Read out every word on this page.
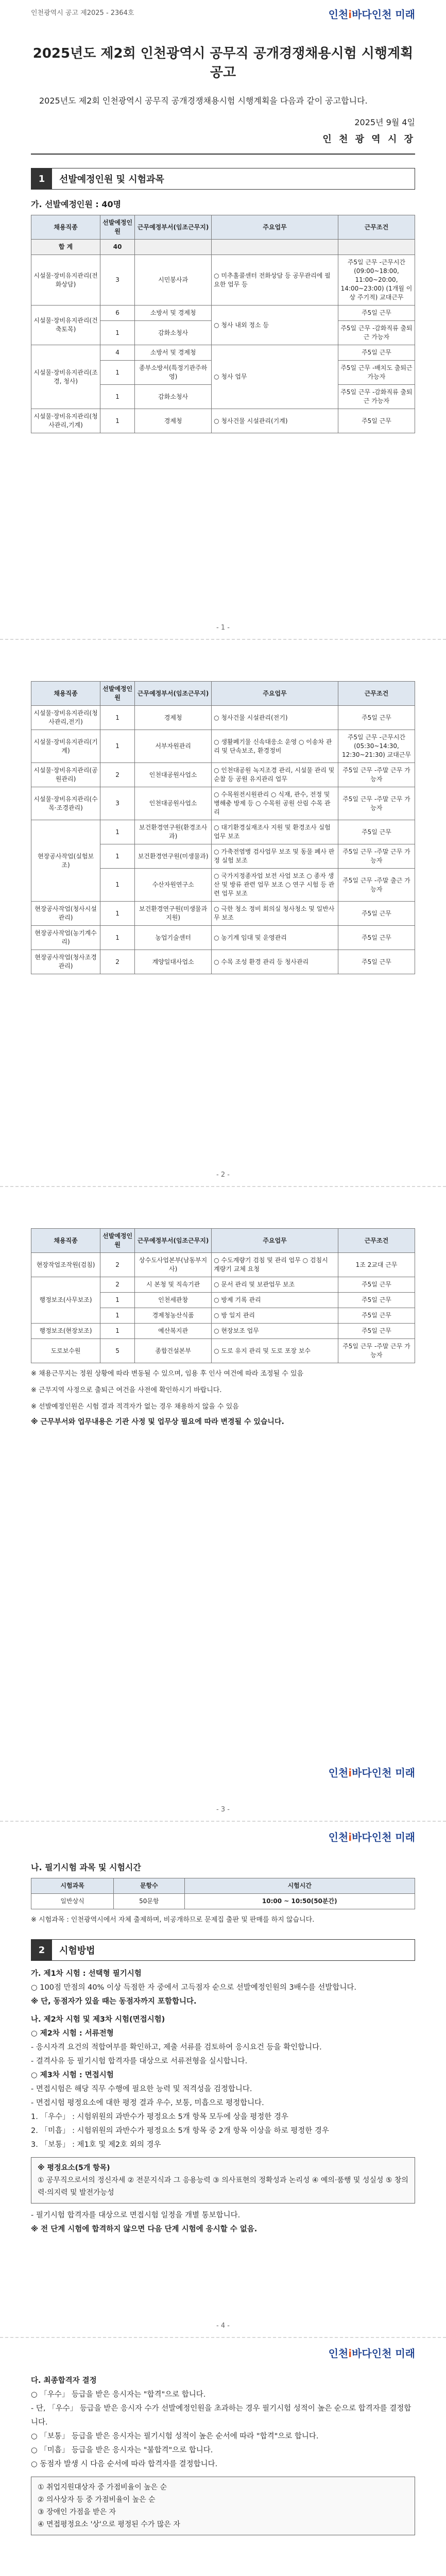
인천광역시 공고 제2025 - 2364호	인천i바다인천 미래
2025년도 제2회 인천광역시 공무직 공개경쟁채용시험 시행계획 공고
2025년도 제2회 인천광역시 공무직 공개경쟁채용시험 시행계획을 다음과 같이 공고합니다.
2025년 9월 4일
인 천 광 역 시 장
1	선발예정인원 및 시험과목
가. 선발예정인원 : 40명
채용직종	선발예정인원	근무예정부서(임조근무지)	주요업무	근무조건
합 계	40			
시설물·장비유지관리(전화상담)	3	시민봉사과	○ 미추홀콜센터 전화상담 등 공무관리에 필요한 업무 등	주5일 근무 -근무시간(09:00~18:00, 11:00~20:00, 14:00~23:00) (1개월 이상 주기적) 교대근무
시설물·장비유지관리(건축토목)	6	소방서 및 경제청	○ 청사 내외 정소 등	주5일 근무
	1	감화소청사		주5일 근무 -감화직류 출퇴근 가능자
시설물·장비유지관리(조경, 청사)	4	소방서 및 경제청	○ 청사 업무	주5일 근무
	1	종부소방서(특정기관주하영)		주5일 근무 -배치도 출퇴근 가능자
	1	감화소청사		주5일 근무 -감화직류 출퇴근 가능자
시설물·장비유지관리(청사관리,기계)	1	경제청	○ 청사건물 시설관리(기계)	주5일 근무
- 1 -
채용직종	선발예정인원	근무예정부서(임조근무지)	주요업무	근무조건
시설물·장비유지관리(청사관리,전기)	1	경제청	○ 청사건물 시설관리(전기)	주5일 근무
시설물·장비유지관리(기계)	1	서부자원관리	○ 생활폐기물 신속대응소 운영 ○ 이송차 관리 및 단속보조, 환경정비	주5일 근무 -근무시간(05:30~14:30, 12:30~21:30) 교대근무
시설물·장비유지관리(공원관리)	2	인천대공원사업소	○ 인천대공원 녹지조경 관리, 시설물 관리 및 순찰 등 공원 유지관리 업무	주5일 근무 -주말 근무 가능자
시설물·장비유지관리(수목·조경관리)	3	인천대공원사업소	○ 수목원전시원관리 ○ 식재, 관수, 전정 및 병해충 방제 등 ○ 수목원 공원 산림 수목 관리	주5일 근무 -주말 근무 가능자
현장공사작업(실험보조)	1	보건환경연구원(환경조사과)	○ 대기환경실재조사 지원 및 환경조사 실험업무 보조	주5일 근무
	1	보건환경연구원(미생물과)	○ 가축전염병 검사업무 보조 및 동물 폐사 판정 실험 보조	주5일 근무 -주말 근무 가능자
	1	수산자원연구소	○ 국가지정종자업 보전 사업 보조 ○ 종자 생산 및 방류 관련 업무 보조 ○ 연구 시험 등 관련 업무 보조	주5일 근무 -주말 출근 가능자
현장공사작업(청사시설관리)	1	보건환경연구원(미생물과지원)	○ 극한 청소 정비 회의실 청사청소 및 일반사무 보조	주5일 근무
현장공사작업(농기계수리)	1	농업기술센터	○ 농기계 임대 및 운영관리	주5일 근무
현장공사작업(청사조경관리)	2	계양일대사업소	○ 수목 조성 환경 관리 등 청사관리	주5일 근무
- 2 -
채용직종	선발예정인원	근무예정부서(임조근무지)	주요업무	근무조건
현장작업조작원(검침)	2	상수도사업본부(남동부지사)	○ 수도계량기 검침 및 관리 업무 ○ 검침시 계량기 교체 요청	1조 2교대 근무
행정보조(사무보조)	2	시 본청 및 직속기관	○ 문서 관리 및 보관업무 보조	주5일 근무
	1	인천세관창	○ 방제 기록 관리	주5일 근무
	1	경제청농산식품	○ 방 일지 관리	주5일 근무
행정보조(현장보조)	1	예산복지관	○ 현장보조 업무	주5일 근무
도로보수원	5	종합건설본부	○ 도로 유지 관리 및 도로 포장 보수	주5일 근무 -주말 근무 가능자
※ 채용근무지는 정원 상황에 따라 변동될 수 있으며, 임용 후 인사 여건에 따라 조정될 수 있음
※ 근무지역 사정으로 출퇴근 여건을 사전에 확인하시기 바랍니다.
※ 선발예정인원은 시험 결과 적격자가 없는 경우 채용하지 않을 수 있음
※ 근무부서와 업무내용은 기관 사정 및 업무상 필요에 따라 변경될 수 있습니다.
인천i바다인천 미래
- 3 -
인천i바다인천 미래
나. 필기시험 과목 및 시험시간
시험과목	문항수	시험시간
일반상식	50문항	10:00 ~ 10:50(50분간)
※ 시험과목 : 인천광역시에서 자체 출제하며, 비공개하므로 문제집 출판 및 판매를 하지 않습니다.
2	시험방법

가. 제1차 시험 : 선택형 필기시험

○ 100점 만점의 40% 이상 득점한 자 중에서 고득점자 순으로 선발예정인원의 3배수를 선발합니다.

※ 단, 동점자가 있을 때는 동점자까지 포함합니다.

나. 제2차 시험 및 제3차 시험(면접시험)

○ 제2차 시험 : 서류전형

- 응시자격 요건의 적합여부를 확인하고, 제출 서류를 검토하여 응시요건 등을 확인합니다.

- 결격사유 등 필기시험 합격자를 대상으로 서류전형을 실시합니다.

○ 제3차 시험 : 면접시험

- 면접시험은 해당 직무 수행에 필요한 능력 및 적격성을 검정합니다.

- 면접시험 평정요소에 대한 평정 결과 우수, 보통, 미흡으로 평정합니다.

1. 「우수」 : 시험위원의 과반수가 평정요소 5개 항목 모두에 상을 평정한 경우

2. 「미흡」 : 시험위원의 과반수가 평정요소 5개 항목 중 2개 항목 이상을 하로 평정한 경우

3. 「보통」 : 제1호 및 제2호 외의 경우

※ 평정요소(5개 항목)

① 공무직으로서의 정신자세 ② 전문지식과 그 응용능력 ③ 의사표현의 정확성과 논리성 ④ 예의·품행 및 성실성 ⑤ 창의력·의지력 및 발전가능성

- 필기시험 합격자를 대상으로 면접시험 일정을 개별 통보합니다.

※ 전 단계 시험에 합격하지 않으면 다음 단계 시험에 응시할 수 없음.

- 4 -
인천i바다인천 미래

다. 최종합격자 결정

○ 「우수」 등급을 받은 응시자는 "합격"으로 합니다.

- 단, 「우수」 등급을 받은 응시자 수가 선발예정인원을 초과하는 경우 필기시험 성적이 높은 순으로 합격자를 결정합니다.

○ 「보통」 등급을 받은 응시자는 필기시험 성적이 높은 순서에 따라 "합격"으로 합니다.

○ 「미흡」 등급을 받은 응시자는 "불합격"으로 합니다.

○ 동점자 발생 시 다음 순서에 따라 합격자를 결정합니다.

① 취업지원대상자 중 가점비율이 높은 순

② 의사상자 등 중 가점비율이 높은 순

③ 장애인 가점을 받은 자

④ 면접평정요소 '상'으로 평정된 수가 많은 자
